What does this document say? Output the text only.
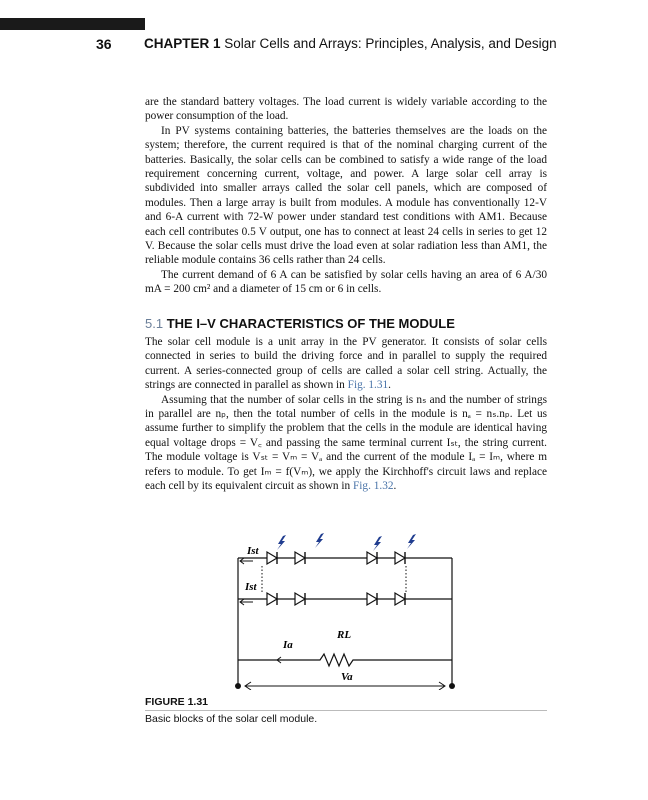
36 CHAPTER 1 Solar Cells and Arrays: Principles, Analysis, and Design

are the standard battery voltages. The load current is widely variable according to the power consumption of the load.

In PV systems containing batteries, the batteries themselves are the loads on the system; therefore, the current required is that of the nominal charging current of the batteries. Basically, the solar cells can be combined to satisfy a wide range of the load requirement concerning current, voltage, and power. A large solar cell array is subdivided into smaller arrays called the solar cell panels, which are composed of modules. Then a large array is built from modules. A module has conventionally 12-V and 6-A current with 72-W power under standard test conditions with AM1. Because each cell contributes 0.5 V output, one has to connect at least 24 cells in series to get 12 V. Because the solar cells must drive the load even at solar radiation less than AM1, the reliable module contains 36 cells rather than 24 cells.

The current demand of 6 A can be satisfied by solar cells having an area of 6 A/30 mA = 200 cm² and a diameter of 15 cm or 6 in cells.

5.1 THE I–V CHARACTERISTICS OF THE MODULE

The solar cell module is a unit array in the PV generator. It consists of solar cells connected in series to build the driving force and in parallel to supply the required current. A series-connected group of cells are called a solar cell string. Actually, the strings are connected in parallel as shown in Fig. 1.31.

Assuming that the number of solar cells in the string is nₛ and the number of strings in parallel are nₚ, then the total number of cells in the module is nₐ = nₛ.nₚ. Let us assume further to simplify the problem that the cells in the module are identical having equal voltage drops = V꜀ and passing the same terminal current Iₛₜ, the string current. The module voltage is Vₛₜ = Vₘ = Vₐ and the current of the module Iₐ = Iₘ, where m refers to module. To get Iₘ = f(Vₘ), we apply the Kirchhoff's circuit laws and replace each cell by its equivalent circuit as shown in Fig. 1.32.

Ist
Ist
Ia
RL
Va
FIGURE 1.31
Basic blocks of the solar cell module.
